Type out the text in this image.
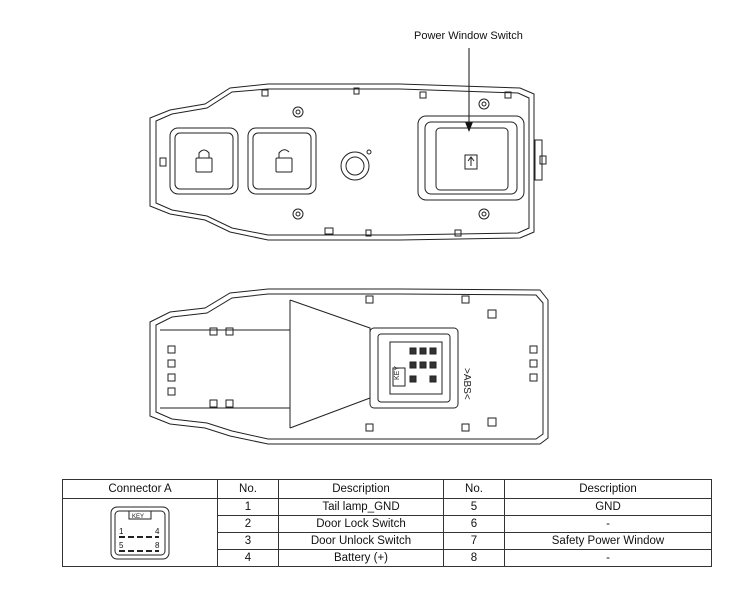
Power Window Switch
KEY	>ABS<
Connector A	No.	Description	No.	Description

KEY
1 4
5 8	1	Tail lamp_GND	5	GND
	2	Door Lock Switch	6	-
	3	Door Unlock Switch	7	Safety Power Window
	4	Battery (+)	8	-
